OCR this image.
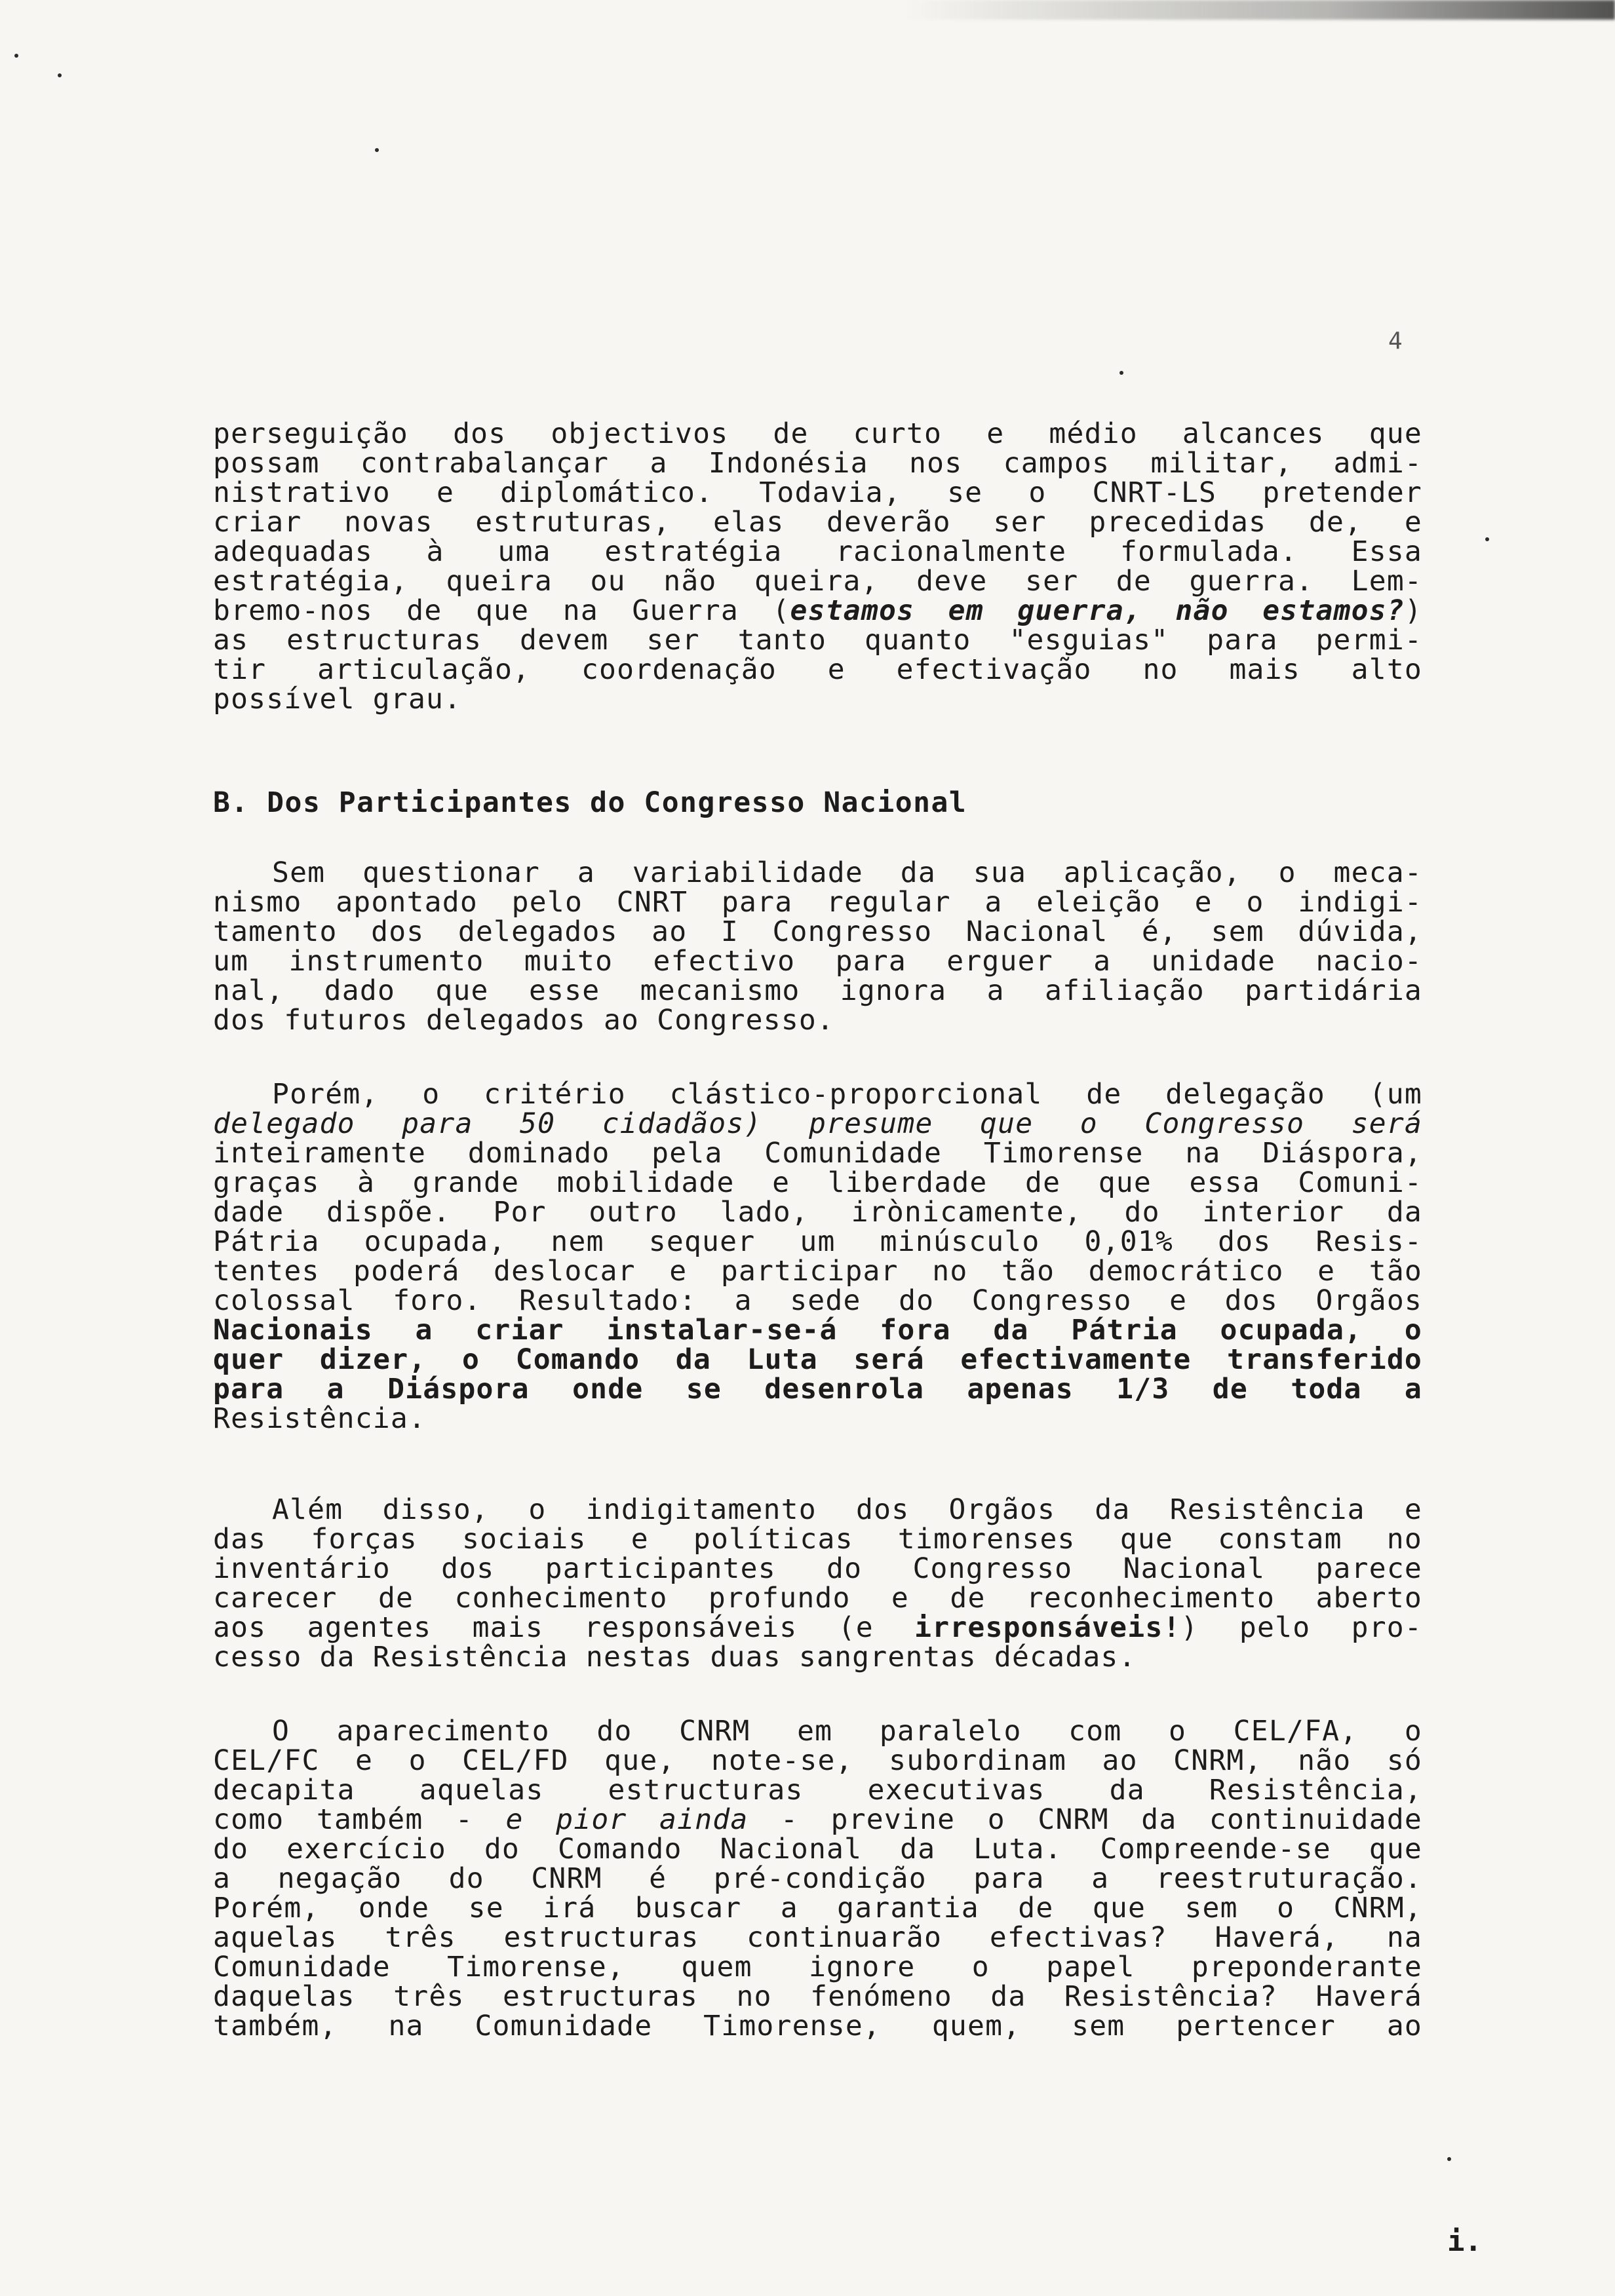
4
perseguição dos objectivos de curto e médio alcances que
possam contrabalançar a Indonésia nos campos militar, admi-
nistrativo e diplomático. Todavia, se o CNRT-LS pretender
criar novas estruturas, elas deverão ser precedidas de, e
adequadas à uma estratégia racionalmente formulada. Essa
estratégia, queira ou não queira, deve ser de guerra. Lem-
bremo-nos de que na Guerra (estamos em guerra, não estamos?)
as estructuras devem ser tanto quanto "esguias" para permi-
tir articulação, coordenação e efectivação no mais alto
possível grau.
B. Dos Participantes do Congresso Nacional
Sem questionar a variabilidade da sua aplicação, o meca-
nismo apontado pelo CNRT para regular a eleição e o indigi-
tamento dos delegados ao I Congresso Nacional é, sem dúvida,
um instrumento muito efectivo para erguer a unidade nacio-
nal, dado que esse mecanismo ignora a afiliação partidária
dos futuros delegados ao Congresso.
Porém, o critério clástico-proporcional de delegação (um
delegado para 50 cidadãos) presume que o Congresso será
inteiramente dominado pela Comunidade Timorense na Diáspora,
graças à grande mobilidade e liberdade de que essa Comuni-
dade dispõe. Por outro lado, irònicamente, do interior da
Pátria ocupada, nem sequer um minúsculo 0,01% dos Resis-
tentes poderá deslocar e participar no tão democrático e tão
colossal foro. Resultado: a sede do Congresso e dos Orgãos
Nacionais a criar instalar-se-á fora da Pátria ocupada, o
quer dizer, o Comando da Luta será efectivamente transferido
para a Diáspora onde se desenrola apenas 1/3 de toda a
Resistência.
Além disso, o indigitamento dos Orgãos da Resistência e
das forças sociais e políticas timorenses que constam no
inventário dos participantes do Congresso Nacional parece
carecer de conhecimento profundo e de reconhecimento aberto
aos agentes mais responsáveis (e irresponsáveis!) pelo pro-
cesso da Resistência nestas duas sangrentas décadas.
O aparecimento do CNRM em paralelo com o CEL/FA, o
CEL/FC e o CEL/FD que, note-se, subordinam ao CNRM, não só
decapita aquelas estructuras executivas da Resistência,
como também - e pior ainda - previne o CNRM da continuidade
do exercício do Comando Nacional da Luta. Compreende-se que
a negação do CNRM é pré-condição para a reestruturação.
Porém, onde se irá buscar a garantia de que sem o CNRM,
aquelas três estructuras continuarão efectivas? Haverá, na
Comunidade Timorense, quem ignore o papel preponderante
daquelas três estructuras no fenómeno da Resistência? Haverá
também, na Comunidade Timorense, quem, sem pertencer ao
i.
